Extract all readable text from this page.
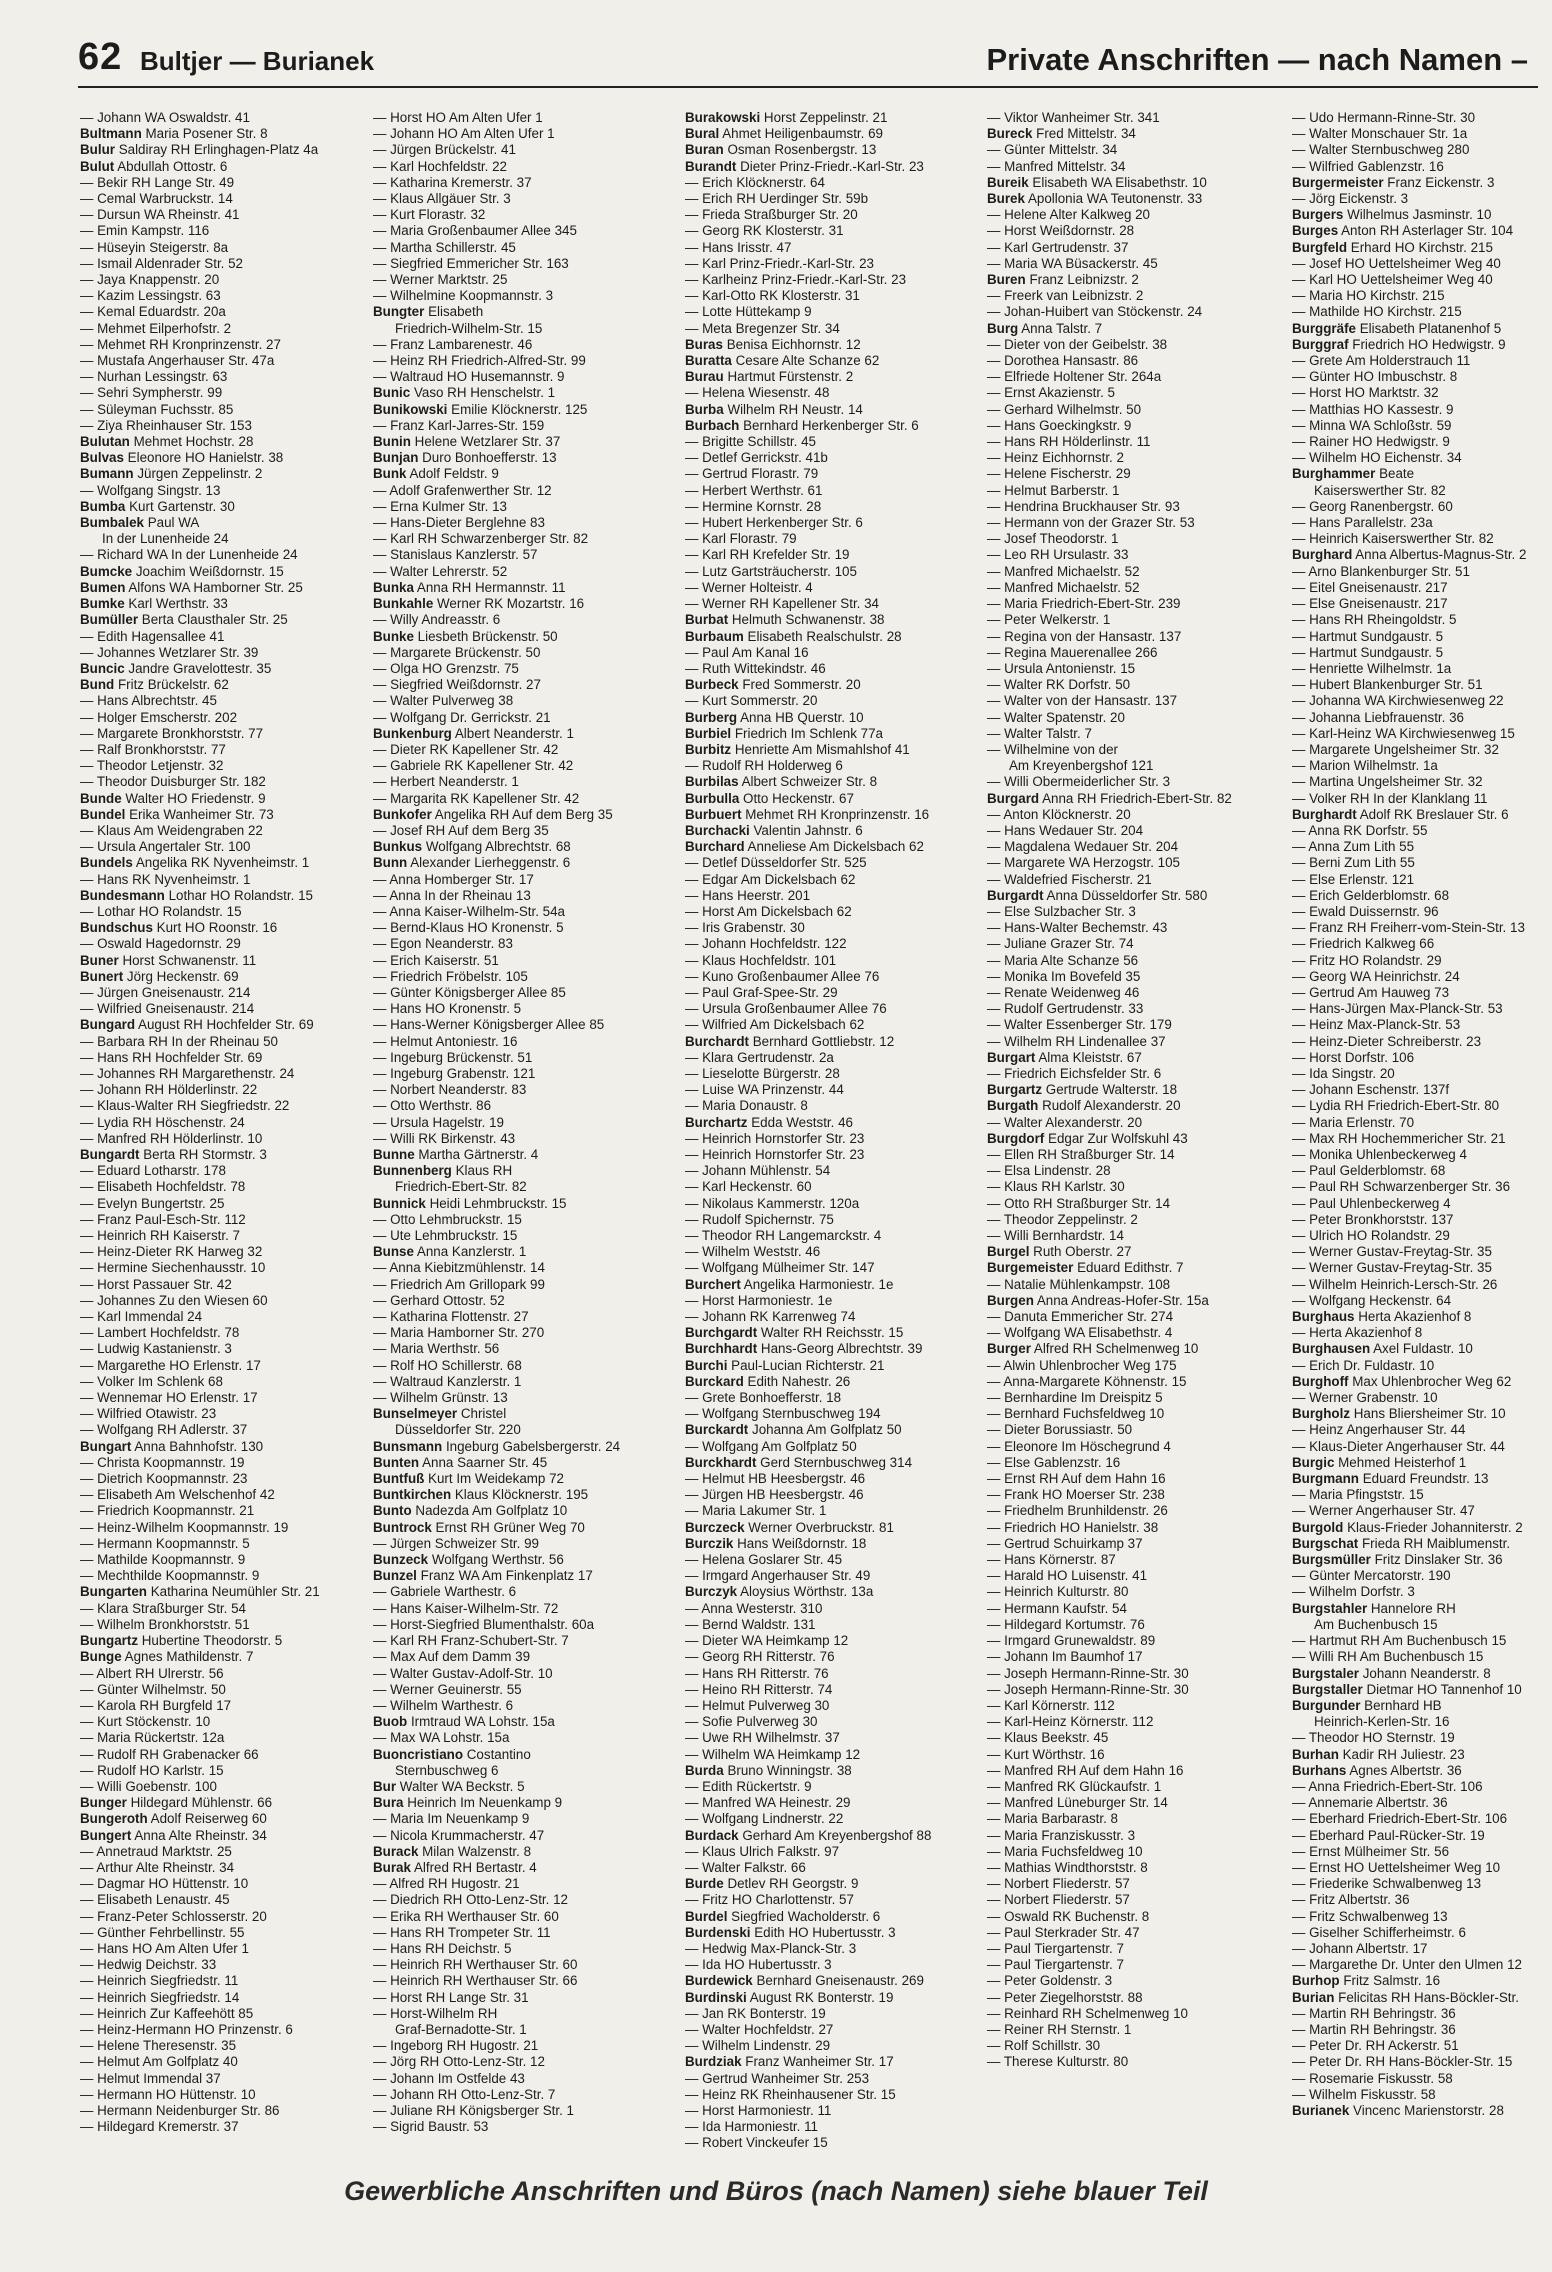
62 Bultjer — Burianek	Private Anschriften — nach Namen –
— Johann WA Oswaldstr. 41
Bultmann Maria Posener Str. 8
Bulur Saldiray RH Erlinghagen-Platz 4a
Bulut Abdullah Ottostr. 6
— Bekir RH Lange Str. 49
— Cemal Warbruckstr. 14
— Dursun WA Rheinstr. 41
— Emin Kampstr. 116
— Hüseyin Steigerstr. 8a
— Ismail Aldenrader Str. 52
— Jaya Knappenstr. 20
— Kazim Lessingstr. 63
— Kemal Eduardstr. 20a
— Mehmet Eilperhofstr. 2
— Mehmet RH Kronprinzenstr. 27
— Mustafa Angerhauser Str. 47a
— Nurhan Lessingstr. 63
— Sehri Sympherstr. 99
— Süleyman Fuchsstr. 85
— Ziya Rheinhauser Str. 153
Bulutan Mehmet Hochstr. 28
Bulvas Eleonore HO Hanielstr. 38
Bumann Jürgen Zeppelinstr. 2
— Wolfgang Singstr. 13
Bumba Kurt Gartenstr. 30
Bumbalek Paul WA
In der Lunenheide 24
— Richard WA In der Lunenheide 24
Bumcke Joachim Weißdornstr. 15
Bumen Alfons WA Hamborner Str. 25
Bumke Karl Werthstr. 33
Bumüller Berta Clausthaler Str. 25
— Edith Hagensallee 41
— Johannes Wetzlarer Str. 39
Buncic Jandre Gravelottestr. 35
Bund Fritz Brückelstr. 62
— Hans Albrechtstr. 45
— Holger Emscherstr. 202
— Margarete Bronkhorststr. 77
— Ralf Bronkhorststr. 77
— Theodor Letjenstr. 32
— Theodor Duisburger Str. 182
Bunde Walter HO Friedenstr. 9
Bundel Erika Wanheimer Str. 73
— Klaus Am Weidengraben 22
— Ursula Angertaler Str. 100
Bundels Angelika RK Nyvenheimstr. 1
— Hans RK Nyvenheimstr. 1
Bundesmann Lothar HO Rolandstr. 15
— Lothar HO Rolandstr. 15
Bundschus Kurt HO Roonstr. 16
— Oswald Hagedornstr. 29
Buner Horst Schwanenstr. 11
Bunert Jörg Heckenstr. 69
— Jürgen Gneisenaustr. 214
— Wilfried Gneisenaustr. 214
Bungard August RH Hochfelder Str. 69
— Barbara RH In der Rheinau 50
— Hans RH Hochfelder Str. 69
— Johannes RH Margarethenstr. 24
— Johann RH Hölderlinstr. 22
— Klaus-Walter RH Siegfriedstr. 22
— Lydia RH Höschenstr. 24
— Manfred RH Hölderlinstr. 10
Bungardt Berta RH Stormstr. 3
— Eduard Lotharstr. 178
— Elisabeth Hochfeldstr. 78
— Evelyn Bungertstr. 25
— Franz Paul-Esch-Str. 112
— Heinrich RH Kaiserstr. 7
— Heinz-Dieter RK Harweg 32
— Hermine Siechenhausstr. 10
— Horst Passauer Str. 42
— Johannes Zu den Wiesen 60
— Karl Immendal 24
— Lambert Hochfeldstr. 78
— Ludwig Kastanienstr. 3
— Margarethe HO Erlenstr. 17
— Volker Im Schlenk 68
— Wennemar HO Erlenstr. 17
— Wilfried Otawistr. 23
— Wolfgang RH Adlerstr. 37
Bungart Anna Bahnhofstr. 130
— Christa Koopmannstr. 19
— Dietrich Koopmannstr. 23
— Elisabeth Am Welschenhof 42
— Friedrich Koopmannstr. 21
— Heinz-Wilhelm Koopmannstr. 19
— Hermann Koopmannstr. 5
— Mathilde Koopmannstr. 9
— Mechthilde Koopmannstr. 9
Bungarten Katharina Neumühler Str. 21
— Klara Straßburger Str. 54
— Wilhelm Bronkhorststr. 51
Bungartz Hubertine Theodorstr. 5
Bunge Agnes Mathildenstr. 7
— Albert RH Ulrerstr. 56
— Günter Wilhelmstr. 50
— Karola RH Burgfeld 17
— Kurt Stöckenstr. 10
— Maria Rückertstr. 12a
— Rudolf RH Grabenacker 66
— Rudolf HO Karlstr. 15
— Willi Goebenstr. 100
Bunger Hildegard Mühlenstr. 66
Bungeroth Adolf Reiserweg 60
Bungert Anna Alte Rheinstr. 34
— Annetraud Marktstr. 25
— Arthur Alte Rheinstr. 34
— Dagmar HO Hüttenstr. 10
— Elisabeth Lenaustr. 45
— Franz-Peter Schlosserstr. 20
— Günther Fehrbellinstr. 55
— Hans HO Am Alten Ufer 1
— Hedwig Deichstr. 33
— Heinrich Siegfriedstr. 11
— Heinrich Siegfriedstr. 14
— Heinrich Zur Kaffeehött 85
— Heinz-Hermann HO Prinzenstr. 6
— Helene Theresenstr. 35
— Helmut Am Golfplatz 40
— Helmut Immendal 37
— Hermann HO Hüttenstr. 10
— Hermann Neidenburger Str. 86
— Hildegard Kremerstr. 37
— Horst HO Am Alten Ufer 1
— Johann HO Am Alten Ufer 1
— Jürgen Brückelstr. 41
— Karl Hochfeldstr. 22
— Katharina Kremerstr. 37
— Klaus Allgäuer Str. 3
— Kurt Florastr. 32
— Maria Großenbaumer Allee 345
— Martha Schillerstr. 45
— Siegfried Emmericher Str. 163
— Werner Marktstr. 25
— Wilhelmine Koopmannstr. 3
Bungter Elisabeth
Friedrich-Wilhelm-Str. 15
— Franz Lambarenestr. 46
— Heinz RH Friedrich-Alfred-Str. 99
— Waltraud HO Husemannstr. 9
Bunic Vaso RH Henschelstr. 1
Bunikowski Emilie Klöcknerstr. 125
— Franz Karl-Jarres-Str. 159
Bunin Helene Wetzlarer Str. 37
Bunjan Duro Bonhoefferstr. 13
Bunk Adolf Feldstr. 9
— Adolf Grafenwerther Str. 12
— Erna Kulmer Str. 13
— Hans-Dieter Berglehne 83
— Karl RH Schwarzenberger Str. 82
— Stanislaus Kanzlerstr. 57
— Walter Lehrerstr. 52
Bunka Anna RH Hermannstr. 11
Bunkahle Werner RK Mozartstr. 16
— Willy Andreasstr. 6
Bunke Liesbeth Brückenstr. 50
— Margarete Brückenstr. 50
— Olga HO Grenzstr. 75
— Siegfried Weißdornstr. 27
— Walter Pulverweg 38
— Wolfgang Dr. Gerrickstr. 21
Bunkenburg Albert Neanderstr. 1
— Dieter RK Kapellener Str. 42
— Gabriele RK Kapellener Str. 42
— Herbert Neanderstr. 1
— Margarita RK Kapellener Str. 42
Bunkofer Angelika RH Auf dem Berg 35
— Josef RH Auf dem Berg 35
Bunkus Wolfgang Albrechtstr. 68
Bunn Alexander Lierheggenstr. 6
— Anna Homberger Str. 17
— Anna In der Rheinau 13
— Anna Kaiser-Wilhelm-Str. 54a
— Bernd-Klaus HO Kronenstr. 5
— Egon Neanderstr. 83
— Erich Kaiserstr. 51
— Friedrich Fröbelstr. 105
— Günter Königsberger Allee 85
— Hans HO Kronenstr. 5
— Hans-Werner Königsberger Allee 85
— Helmut Antoniestr. 16
— Ingeburg Brückenstr. 51
— Ingeburg Grabenstr. 121
— Norbert Neanderstr. 83
— Otto Werthstr. 86
— Ursula Hagelstr. 19
— Willi RK Birkenstr. 43
Bunne Martha Gärtnerstr. 4
Bunnenberg Klaus RH
Friedrich-Ebert-Str. 82
Bunnick Heidi Lehmbruckstr. 15
— Otto Lehmbruckstr. 15
— Ute Lehmbruckstr. 15
Bunse Anna Kanzlerstr. 1
— Anna Kiebitzmühlenstr. 14
— Friedrich Am Grillopark 99
— Gerhard Ottostr. 52
— Katharina Flottenstr. 27
— Maria Hamborner Str. 270
— Maria Werthstr. 56
— Rolf HO Schillerstr. 68
— Waltraud Kanzlerstr. 1
— Wilhelm Grünstr. 13
Bunselmeyer Christel
Düsseldorfer Str. 220
Bunsmann Ingeburg Gabelsbergerstr. 24
Bunten Anna Saarner Str. 45
Buntfuß Kurt Im Weidekamp 72
Buntkirchen Klaus Klöcknerstr. 195
Bunto Nadezda Am Golfplatz 10
Buntrock Ernst RH Grüner Weg 70
— Jürgen Schweizer Str. 99
Bunzeck Wolfgang Werthstr. 56
Bunzel Franz WA Am Finkenplatz 17
— Gabriele Warthestr. 6
— Hans Kaiser-Wilhelm-Str. 72
— Horst-Siegfried Blumenthalstr. 60a
— Karl RH Franz-Schubert-Str. 7
— Max Auf dem Damm 39
— Walter Gustav-Adolf-Str. 10
— Werner Geuinerstr. 55
— Wilhelm Warthestr. 6
Buob Irmtraud WA Lohstr. 15a
— Max WA Lohstr. 15a
Buoncristiano Costantino
Sternbuschweg 6
Bur Walter WA Beckstr. 5
Bura Heinrich Im Neuenkamp 9
— Maria Im Neuenkamp 9
— Nicola Krummacherstr. 47
Burack Milan Walzenstr. 8
Burak Alfred RH Bertastr. 4
— Alfred RH Hugostr. 21
— Diedrich RH Otto-Lenz-Str. 12
— Erika RH Werthauser Str. 60
— Hans RH Trompeter Str. 11
— Hans RH Deichstr. 5
— Heinrich RH Werthauser Str. 60
— Heinrich RH Werthauser Str. 66
— Horst RH Lange Str. 31
— Horst-Wilhelm RH
Graf-Bernadotte-Str. 1
— Ingeborg RH Hugostr. 21
— Jörg RH Otto-Lenz-Str. 12
— Johann Im Ostfelde 43
— Johann RH Otto-Lenz-Str. 7
— Juliane RH Königsberger Str. 1
— Sigrid Baustr. 53
Burakowski Horst Zeppelinstr. 21
Bural Ahmet Heiligenbaumstr. 69
Buran Osman Rosenbergstr. 13
Burandt Dieter Prinz-Friedr.-Karl-Str. 23
— Erich Klöcknerstr. 64
— Erich RH Uerdinger Str. 59b
— Frieda Straßburger Str. 20
— Georg RK Klosterstr. 31
— Hans Irisstr. 47
— Karl Prinz-Friedr.-Karl-Str. 23
— Karlheinz Prinz-Friedr.-Karl-Str. 23
— Karl-Otto RK Klosterstr. 31
— Lotte Hüttekamp 9
— Meta Bregenzer Str. 34
Buras Benisa Eichhornstr. 12
Buratta Cesare Alte Schanze 62
Burau Hartmut Fürstenstr. 2
— Helena Wiesenstr. 48
Burba Wilhelm RH Neustr. 14
Burbach Bernhard Herkenberger Str. 6
— Brigitte Schillstr. 45
— Detlef Gerrickstr. 41b
— Gertrud Florastr. 79
— Herbert Werthstr. 61
— Hermine Kornstr. 28
— Hubert Herkenberger Str. 6
— Karl Florastr. 79
— Karl RH Krefelder Str. 19
— Lutz Gartsträucherstr. 105
— Werner Holteistr. 4
— Werner RH Kapellener Str. 34
Burbat Helmuth Schwanenstr. 38
Burbaum Elisabeth Realschulstr. 28
— Paul Am Kanal 16
— Ruth Wittekindstr. 46
Burbeck Fred Sommerstr. 20
— Kurt Sommerstr. 20
Burberg Anna HB Querstr. 10
Burbiel Friedrich Im Schlenk 77a
Burbitz Henriette Am Mismahlshof 41
— Rudolf RH Holderweg 6
Burbilas Albert Schweizer Str. 8
Burbulla Otto Heckenstr. 67
Burbuert Mehmet RH Kronprinzenstr. 16
Burchacki Valentin Jahnstr. 6
Burchard Anneliese Am Dickelsbach 62
— Detlef Düsseldorfer Str. 525
— Edgar Am Dickelsbach 62
— Hans Heerstr. 201
— Horst Am Dickelsbach 62
— Iris Grabenstr. 30
— Johann Hochfeldstr. 122
— Klaus Hochfeldstr. 101
— Kuno Großenbaumer Allee 76
— Paul Graf-Spee-Str. 29
— Ursula Großenbaumer Allee 76
— Wilfried Am Dickelsbach 62
Burchardt Bernhard Gottliebstr. 12
— Klara Gertrudenstr. 2a
— Lieselotte Bürgerstr. 28
— Luise WA Prinzenstr. 44
— Maria Donaustr. 8
Burchartz Edda Weststr. 46
— Heinrich Hornstorfer Str. 23
— Heinrich Hornstorfer Str. 23
— Johann Mühlenstr. 54
— Karl Heckenstr. 60
— Nikolaus Kammerstr. 120a
— Rudolf Spichernstr. 75
— Theodor RH Langemarckstr. 4
— Wilhelm Weststr. 46
— Wolfgang Mülheimer Str. 147
Burchert Angelika Harmoniestr. 1e
— Horst Harmoniestr. 1e
— Johann RK Karrenweg 74
Burchgardt Walter RH Reichsstr. 15
Burchhardt Hans-Georg Albrechtstr. 39
Burchi Paul-Lucian Richterstr. 21
Burckard Edith Nahestr. 26
— Grete Bonhoefferstr. 18
— Wolfgang Sternbuschweg 194
Burckardt Johanna Am Golfplatz 50
— Wolfgang Am Golfplatz 50
Burckhardt Gerd Sternbuschweg 314
— Helmut HB Heesbergstr. 46
— Jürgen HB Heesbergstr. 46
— Maria Lakumer Str. 1
Burczeck Werner Overbruckstr. 81
Burczik Hans Weißdornstr. 18
— Helena Goslarer Str. 45
— Irmgard Angerhauser Str. 49
Burczyk Aloysius Wörthstr. 13a
— Anna Westerstr. 310
— Bernd Waldstr. 131
— Dieter WA Heimkamp 12
— Georg RH Ritterstr. 76
— Hans RH Ritterstr. 76
— Heino RH Ritterstr. 74
— Helmut Pulverweg 30
— Sofie Pulverweg 30
— Uwe RH Wilhelmstr. 37
— Wilhelm WA Heimkamp 12
Burda Bruno Winningstr. 38
— Edith Rückertstr. 9
— Manfred WA Heinestr. 29
— Wolfgang Lindnerstr. 22
Burdack Gerhard Am Kreyenbergshof 88
— Klaus Ulrich Falkstr. 97
— Walter Falkstr. 66
Burde Detlev RH Georgstr. 9
— Fritz HO Charlottenstr. 57
Burdel Siegfried Wacholderstr. 6
Burdenski Edith HO Hubertusstr. 3
— Hedwig Max-Planck-Str. 3
— Ida HO Hubertusstr. 3
Burdewick Bernhard Gneisenaustr. 269
Burdinski August RK Bonterstr. 19
— Jan RK Bonterstr. 19
— Walter Hochfeldstr. 27
— Wilhelm Lindenstr. 29
Burdziak Franz Wanheimer Str. 17
— Gertrud Wanheimer Str. 253
— Heinz RK Rheinhausener Str. 15
— Horst Harmoniestr. 11
— Ida Harmoniestr. 11
— Robert Vinckeufer 15
— Viktor Wanheimer Str. 341
Bureck Fred Mittelstr. 34
— Günter Mittelstr. 34
— Manfred Mittelstr. 34
Bureik Elisabeth WA Elisabethstr. 10
Burek Apollonia WA Teutonenstr. 33
— Helene Alter Kalkweg 20
— Horst Weißdornstr. 28
— Karl Gertrudenstr. 37
— Maria WA Büsackerstr. 45
Buren Franz Leibnizstr. 2
— Freerk van Leibnizstr. 2
— Johan-Huibert van Stöckenstr. 24
Burg Anna Talstr. 7
— Dieter von der Geibelstr. 38
— Dorothea Hansastr. 86
— Elfriede Holtener Str. 264a
— Ernst Akazienstr. 5
— Gerhard Wilhelmstr. 50
— Hans Goeckingkstr. 9
— Hans RH Hölderlinstr. 11
— Heinz Eichhornstr. 2
— Helene Fischerstr. 29
— Helmut Barberstr. 1
— Hendrina Bruckhauser Str. 93
— Hermann von der Grazer Str. 53
— Josef Theodorstr. 1
— Leo RH Ursulastr. 33
— Manfred Michaelstr. 52
— Manfred Michaelstr. 52
— Maria Friedrich-Ebert-Str. 239
— Peter Welkerstr. 1
— Regina von der Hansastr. 137
— Regina Mauerenallee 266
— Ursula Antonienstr. 15
— Walter RK Dorfstr. 50
— Walter von der Hansastr. 137
— Walter Spatenstr. 20
— Walter Talstr. 7
— Wilhelmine von der
Am Kreyenbergshof 121
— Willi Obermeiderlicher Str. 3
Burgard Anna RH Friedrich-Ebert-Str. 82
— Anton Klöcknerstr. 20
— Hans Wedauer Str. 204
— Magdalena Wedauer Str. 204
— Margarete WA Herzogstr. 105
— Waldefried Fischerstr. 21
Burgardt Anna Düsseldorfer Str. 580
— Else Sulzbacher Str. 3
— Hans-Walter Bechemstr. 43
— Juliane Grazer Str. 74
— Maria Alte Schanze 56
— Monika Im Bovefeld 35
— Renate Weidenweg 46
— Rudolf Gertrudenstr. 33
— Walter Essenberger Str. 179
— Wilhelm RH Lindenallee 37
Burgart Alma Kleiststr. 67
— Friedrich Eichsfelder Str. 6
Burgartz Gertrude Walterstr. 18
Burgath Rudolf Alexanderstr. 20
— Walter Alexanderstr. 20
Burgdorf Edgar Zur Wolfskuhl 43
— Ellen RH Straßburger Str. 14
— Elsa Lindenstr. 28
— Klaus RH Karlstr. 30
— Otto RH Straßburger Str. 14
— Theodor Zeppelinstr. 2
— Willi Bernhardstr. 14
Burgel Ruth Oberstr. 27
Burgemeister Eduard Edithstr. 7
— Natalie Mühlenkampstr. 108
Burgen Anna Andreas-Hofer-Str. 15a
— Danuta Emmericher Str. 274
— Wolfgang WA Elisabethstr. 4
Burger Alfred RH Schelmenweg 10
— Alwin Uhlenbrocher Weg 175
— Anna-Margarete Köhnenstr. 15
— Bernhardine Im Dreispitz 5
— Bernhard Fuchsfeldweg 10
— Dieter Borussiastr. 50
— Eleonore Im Höschegrund 4
— Else Gablenzstr. 16
— Ernst RH Auf dem Hahn 16
— Frank HO Moerser Str. 238
— Friedhelm Brunhildenstr. 26
— Friedrich HO Hanielstr. 38
— Gertrud Schuirkamp 37
— Hans Körnerstr. 87
— Harald HO Luisenstr. 41
— Heinrich Kulturstr. 80
— Hermann Kaufstr. 54
— Hildegard Kortumstr. 76
— Irmgard Grunewaldstr. 89
— Johann Im Baumhof 17
— Joseph Hermann-Rinne-Str. 30
— Joseph Hermann-Rinne-Str. 30
— Karl Körnerstr. 112
— Karl-Heinz Körnerstr. 112
— Klaus Beekstr. 45
— Kurt Wörthstr. 16
— Manfred RH Auf dem Hahn 16
— Manfred RK Glückaufstr. 1
— Manfred Lüneburger Str. 14
— Maria Barbarastr. 8
— Maria Franziskusstr. 3
— Maria Fuchsfeldweg 10
— Mathias Windthorststr. 8
— Norbert Fliederstr. 57
— Norbert Fliederstr. 57
— Oswald RK Buchenstr. 8
— Paul Sterkrader Str. 47
— Paul Tiergartenstr. 7
— Paul Tiergartenstr. 7
— Peter Goldenstr. 3
— Peter Ziegelhorststr. 88
— Reinhard RH Schelmenweg 10
— Reiner RH Sternstr. 1
— Rolf Schillstr. 30
— Therese Kulturstr. 80
— Udo Hermann-Rinne-Str. 30
— Walter Monschauer Str. 1a
— Walter Sternbuschweg 280
— Wilfried Gablenzstr. 16
Burgermeister Franz Eickenstr. 3
— Jörg Eickenstr. 3
Burgers Wilhelmus Jasminstr. 10
Burges Anton RH Asterlager Str. 104
Burgfeld Erhard HO Kirchstr. 215
— Josef HO Uettelsheimer Weg 40
— Karl HO Uettelsheimer Weg 40
— Maria HO Kirchstr. 215
— Mathilde HO Kirchstr. 215
Burggräfe Elisabeth Platanenhof 5
Burggraf Friedrich HO Hedwigstr. 9
— Grete Am Holderstrauch 11
— Günter HO Imbuschstr. 8
— Horst HO Marktstr. 32
— Matthias HO Kassestr. 9
— Minna WA Schloßstr. 59
— Rainer HO Hedwigstr. 9
— Wilhelm HO Eichenstr. 34
Burghammer Beate
Kaiserswerther Str. 82
— Georg Ranenbergstr. 60
— Hans Parallelstr. 23a
— Heinrich Kaiserswerther Str. 82
Burghard Anna Albertus-Magnus-Str. 2
— Arno Blankenburger Str. 51
— Eitel Gneisenaustr. 217
— Else Gneisenaustr. 217
— Hans RH Rheingoldstr. 5
— Hartmut Sundgaustr. 5
— Hartmut Sundgaustr. 5
— Henriette Wilhelmstr. 1a
— Hubert Blankenburger Str. 51
— Johanna WA Kirchwiesenweg 22
— Johanna Liebfrauenstr. 36
— Karl-Heinz WA Kirchwiesenweg 15
— Margarete Ungelsheimer Str. 32
— Marion Wilhelmstr. 1a
— Martina Ungelsheimer Str. 32
— Volker RH In der Klanklang 11
Burghardt Adolf RK Breslauer Str. 6
— Anna RK Dorfstr. 55
— Anna Zum Lith 55
— Berni Zum Lith 55
— Else Erlenstr. 121
— Erich Gelderblomstr. 68
— Ewald Duissernstr. 96
— Franz RH Freiherr-vom-Stein-Str. 13
— Friedrich Kalkweg 66
— Fritz HO Rolandstr. 29
— Georg WA Heinrichstr. 24
— Gertrud Am Hauweg 73
— Hans-Jürgen Max-Planck-Str. 53
— Heinz Max-Planck-Str. 53
— Heinz-Dieter Schreiberstr. 23
— Horst Dorfstr. 106
— Ida Singstr. 20
— Johann Eschenstr. 137f
— Lydia RH Friedrich-Ebert-Str. 80
— Maria Erlenstr. 70
— Max RH Hochemmericher Str. 21
— Monika Uhlenbeckerweg 4
— Paul Gelderblomstr. 68
— Paul RH Schwarzenberger Str. 36
— Paul Uhlenbeckerweg 4
— Peter Bronkhorststr. 137
— Ulrich HO Rolandstr. 29
— Werner Gustav-Freytag-Str. 35
— Werner Gustav-Freytag-Str. 35
— Wilhelm Heinrich-Lersch-Str. 26
— Wolfgang Heckenstr. 64
Burghaus Herta Akazienhof 8
— Herta Akazienhof 8
Burghausen Axel Fuldastr. 10
— Erich Dr. Fuldastr. 10
Burghoff Max Uhlenbrocher Weg 62
— Werner Grabenstr. 10
Burgholz Hans Bliersheimer Str. 10
— Heinz Angerhauser Str. 44
— Klaus-Dieter Angerhauser Str. 44
Burgic Mehmed Heisterhof 1
Burgmann Eduard Freundstr. 13
— Maria Pfingststr. 15
— Werner Angerhauser Str. 47
Burgold Klaus-Frieder Johanniterstr. 2
Burgschat Frieda RH Maiblumenstr.
Burgsmüller Fritz Dinslaker Str. 36
— Günter Mercatorstr. 190
— Wilhelm Dorfstr. 3
Burgstahler Hannelore RH
Am Buchenbusch 15
— Hartmut RH Am Buchenbusch 15
— Willi RH Am Buchenbusch 15
Burgstaler Johann Neanderstr. 8
Burgstaller Dietmar HO Tannenhof 10
Burgunder Bernhard HB
Heinrich-Kerlen-Str. 16
— Theodor HO Sternstr. 19
Burhan Kadir RH Juliestr. 23
Burhans Agnes Albertstr. 36
— Anna Friedrich-Ebert-Str. 106
— Annemarie Albertstr. 36
— Eberhard Friedrich-Ebert-Str. 106
— Eberhard Paul-Rücker-Str. 19
— Ernst Mülheimer Str. 56
— Ernst HO Uettelsheimer Weg 10
— Friederike Schwalbenweg 13
— Fritz Albertstr. 36
— Fritz Schwalbenweg 13
— Giselher Schifferheimstr. 6
— Johann Albertstr. 17
— Margarethe Dr. Unter den Ulmen 12
Burhop Fritz Salmstr. 16
Burian Felicitas RH Hans-Böckler-Str.
— Martin RH Behringstr. 36
— Martin RH Behringstr. 36
— Peter Dr. RH Ackerstr. 51
— Peter Dr. RH Hans-Böckler-Str. 15
— Rosemarie Fiskusstr. 58
— Wilhelm Fiskusstr. 58
Burianek Vincenc Marienstorstr. 28
Gewerbliche Anschriften und Büros (nach Namen) siehe blauer Teil
